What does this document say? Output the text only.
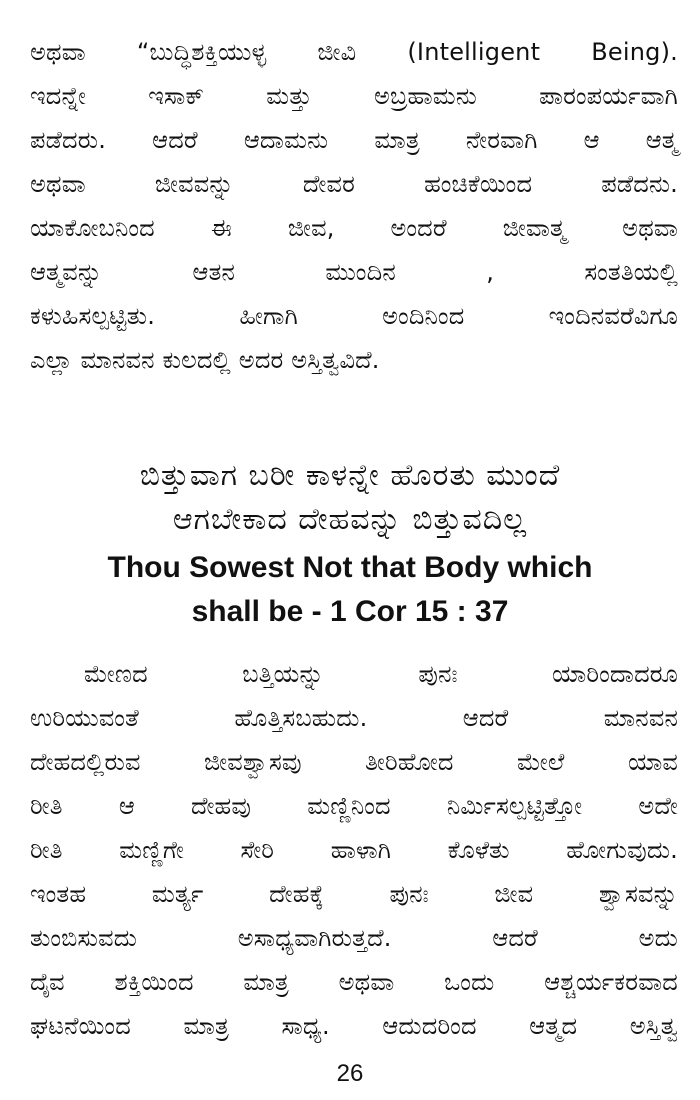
ಅಥವಾ “ಬುದ್ಧಿಶಕ್ತಿಯುಳ್ಳ ಜೀವಿ (Intelligent Being).
ಇದನ್ನೇ ಇಸಾಕ್ ಮತ್ತು ಅಬ್ರಹಾಮನು ಪಾರಂಪರ್ಯವಾಗಿ
ಪಡೆದರು. ಆದರೆ ಆದಾಮನು ಮಾತ್ರ ನೇರವಾಗಿ ಆ ಆತ್ಮ
ಅಥವಾ ಜೀವವನ್ನು ದೇವರ ಹಂಚಿಕೆಯಿಂದ ಪಡೆದನು.
ಯಾಕೋಬನಿಂದ ಈ ಜೀವ, ಅಂದರೆ ಜೀವಾತ್ಮ ಅಥವಾ
ಆತ್ಮವನ್ನು ಆತನ ಮುಂದಿನ , ಸಂತತಿಯಲ್ಲಿ
ಕಳುಹಿಸಲ್ಪಟ್ಟಿತು. ಹೀಗಾಗಿ ಅಂದಿನಿಂದ ಇಂದಿನವರೆವಿಗೂ
ಎಲ್ಲಾ ಮಾನವನ ಕುಲದಲ್ಲಿ ಅದರ ಅಸ್ತಿತ್ವವಿದೆ.
ಬಿತ್ತುವಾಗ ಬರೀ ಕಾಳನ್ನೇ ಹೊರತು ಮುಂದೆ
ಆಗಬೇಕಾದ ದೇಹವನ್ನು ಬಿತ್ತುವದಿಲ್ಲ
Thou Sowest Not that Body which
shall be - 1 Cor 15 : 37
ಮೇಣದ ಬತ್ತಿಯನ್ನು ಪುನಃ ಯಾರಿಂದಾದರೂ
ಉರಿಯುವಂತೆ ಹೊತ್ತಿಸಬಹುದು. ಆದರೆ ಮಾನವನ
ದೇಹದಲ್ಲಿರುವ ಜೀವಶ್ವಾಸವು ತೀರಿಹೋದ ಮೇಲೆ ಯಾವ
ರೀತಿ ಆ ದೇಹವು ಮಣ್ಣಿನಿಂದ ನಿರ್ಮಿಸಲ್ಪಟ್ಟಿತ್ತೋ ಅದೇ
ರೀತಿ ಮಣ್ಣಿಗೇ ಸೇರಿ ಹಾಳಾಗಿ ಕೊಳೆತು ಹೋಗುವುದು.
ಇಂತಹ ಮರ್ತ್ಯ ದೇಹಕ್ಕೆ ಪುನಃ ಜೀವ ಶ್ವಾಸವನ್ನು
ತುಂಬಿಸುವದು ಅಸಾಧ್ಯವಾಗಿರುತ್ತದೆ. ಆದರೆ ಅದು
ದೈವ ಶಕ್ತಿಯಿಂದ ಮಾತ್ರ ಅಥವಾ ಒಂದು ಆಶ್ಚರ್ಯಕರವಾದ
ಘಟನೆಯಿಂದ ಮಾತ್ರ ಸಾಧ್ಯ. ಆದುದರಿಂದ ಆತ್ಮದ ಅಸ್ತಿತ್ವ
26
